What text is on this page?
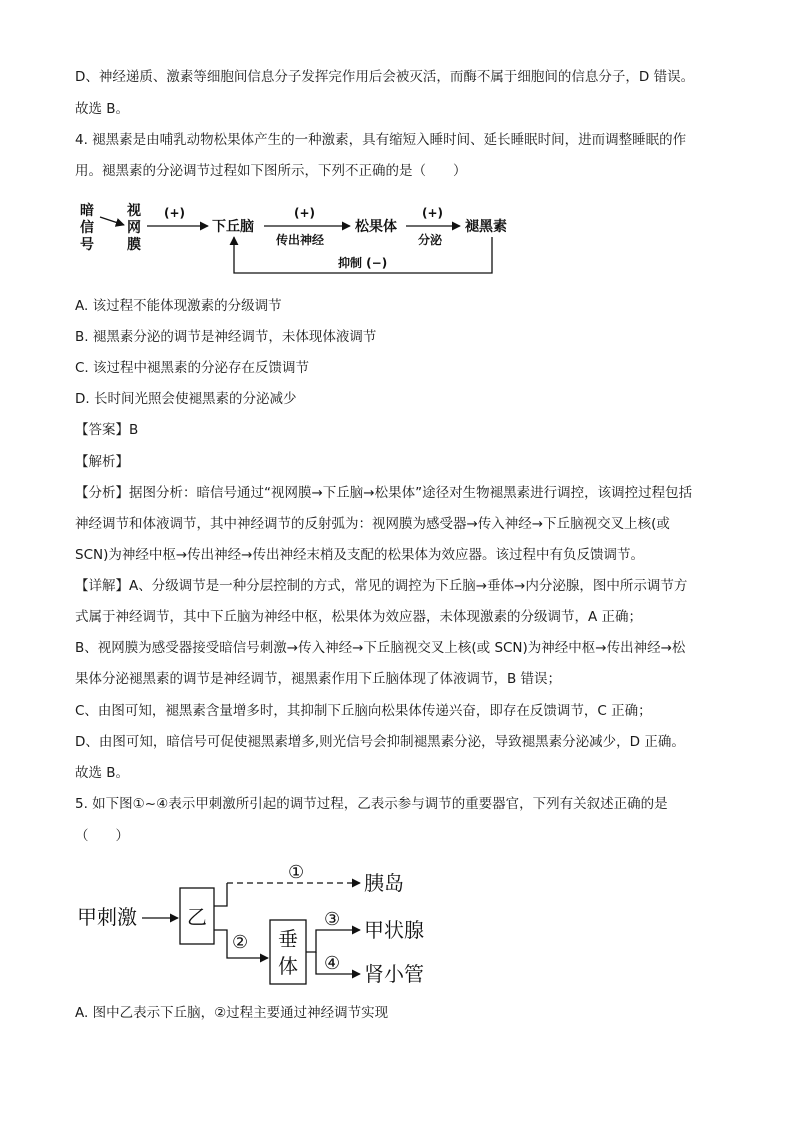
D、神经递质、激素等细胞间信息分子发挥完作用后会被灭活，而酶不属于细胞间的信息分子，D 错误。
故选 B。
4. 褪黑素是由哺乳动物松果体产生的一种激素，具有缩短入睡时间、延长睡眠时间，进而调整睡眠的作
用。褪黑素的分泌调节过程如下图所示，下列不正确的是（　　）
暗
信
号
视
网
膜
下丘脑	松果体	褪黑素
(+)	(+)	(+)
传出神经	分泌
抑制 (−)
A. 该过程不能体现激素的分级调节
B. 褪黑素分泌的调节是神经调节，未体现体液调节
C. 该过程中褪黑素的分泌存在反馈调节
D. 长时间光照会使褪黑素的分泌减少
【答案】B
【解析】
【分析】据图分析：暗信号通过“视网膜→下丘脑→松果体”途径对生物褪黑素进行调控，该调控过程包括
神经调节和体液调节，其中神经调节的反射弧为：视网膜为感受器→传入神经→下丘脑视交叉上核(或
SCN)为神经中枢→传出神经→传出神经末梢及支配的松果体为效应器。该过程中有负反馈调节。
【详解】A、分级调节是一种分层控制的方式，常见的调控为下丘脑→垂体→内分泌腺，图中所示调节方
式属于神经调节，其中下丘脑为神经中枢，松果体为效应器，未体现激素的分级调节，A 正确；
B、视网膜为感受器接受暗信号刺激→传入神经→下丘脑视交叉上核(或 SCN)为神经中枢→传出神经→松
果体分泌褪黑素的调节是神经调节，褪黑素作用下丘脑体现了体液调节，B 错误；
C、由图可知，褪黑素含量增多时，其抑制下丘脑向松果体传递兴奋，即存在反馈调节，C 正确；
D、由图可知，暗信号可促使褪黑素增多,则光信号会抑制褪黑素分泌，导致褪黑素分泌减少，D 正确。
故选 B。
5. 如下图①~④表示甲刺激所引起的调节过程，乙表示参与调节的重要器官，下列有关叙述正确的是
（　　）
甲刺激	乙
①	胰岛
② 垂
体
③
④
甲状腺
肾小管
A. 图中乙表示下丘脑，②过程主要通过神经调节实现
